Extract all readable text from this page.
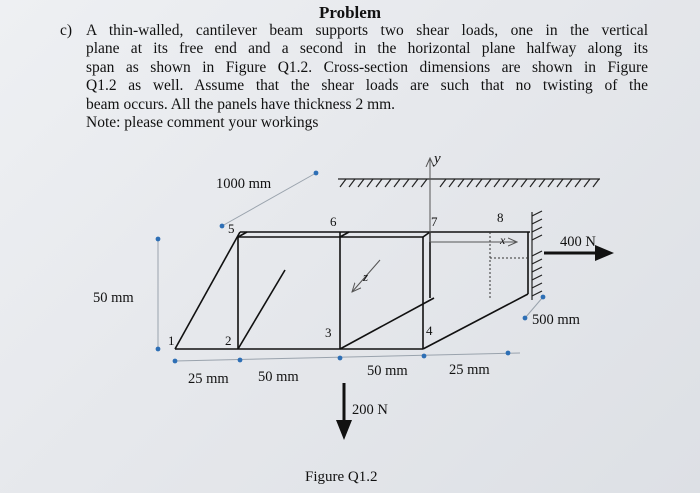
Problem
c) A thin-walled, cantilever beam supports two shear loads, one in the vertical
plane at its free end and a second in the horizontal plane halfway along its
span as shown in Figure Q1.2. Cross-section dimensions are shown in Figure
Q1.2 as well. Assume that the shear loads are such that no twisting of the
beam occurs. All the panels have thickness 2 mm.
Note: please comment your workings
y
x
z
1	2
3	4
5	6	7	8
1000 mm
50 mm
500 mm
25 mm 50 mm	50 mm	25 mm
200 N
400 N
Figure Q1.2
